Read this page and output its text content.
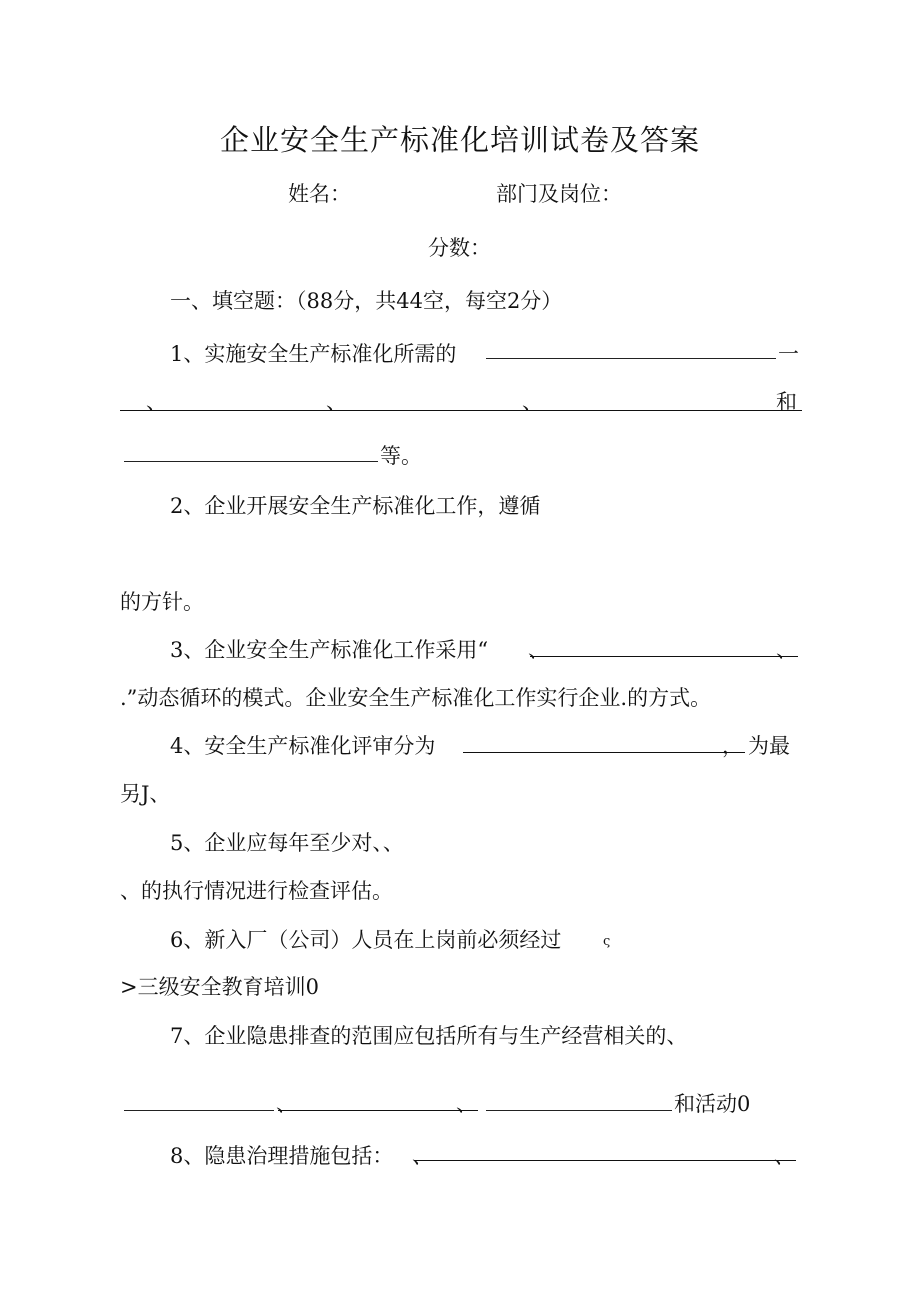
企业安全生产标准化培训试卷及答案
姓名：	部门及岗位：
分数：
一、填空题：（88分，共44空，每空2分）
1、实施安全生产标准化所需的	一
、	、	、	和
等。
2、企业开展安全生产标准化工作，遵循
的方针。
3、企业安全生产标准化工作采用“ 、	、
.”动态循环的模式。企业安全生产标准化工作实行企业.的方式。
4、安全生产标准化评审分为	， 为最
另J、
5、企业应每年至少对、、
、的执行情况进行检查评估。
6、新入厂（公司）人员在上岗前必须经过	ς
>三级安全教育培训0
7、企业隐患排查的范围应包括所有与生产经营相关的、
、	、	和活动0
8、隐患治理措施包括： 、	、
